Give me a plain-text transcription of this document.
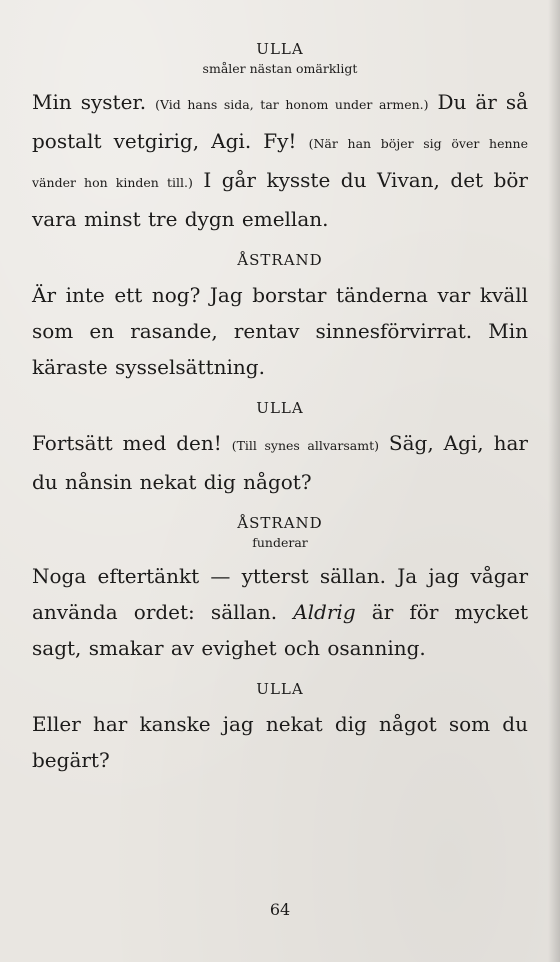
ULLA

småler nästan omärkligt

Min syster. (Vid hans sida, tar honom under armen.) Du är så postalt vetgirig, Agi. Fy! (När han böjer sig över henne vänder hon kinden till.) I går kysste du Vivan, det bör vara minst tre dygn emellan.

ÅSTRAND

Är inte ett nog? Jag borstar tänderna var kväll som en rasande, rentav sinnesförvirrat. Min käraste sysselsättning.

ULLA

Fortsätt med den! (Till synes allvarsamt) Säg, Agi, har du nånsin nekat dig något?

ÅSTRAND

funderar

Noga eftertänkt — ytterst sällan. Ja jag vågar använda ordet: sällan. Aldrig är för mycket sagt, smakar av evighet och osanning.

ULLA

Eller har kanske jag nekat dig något som du begärt?

64
